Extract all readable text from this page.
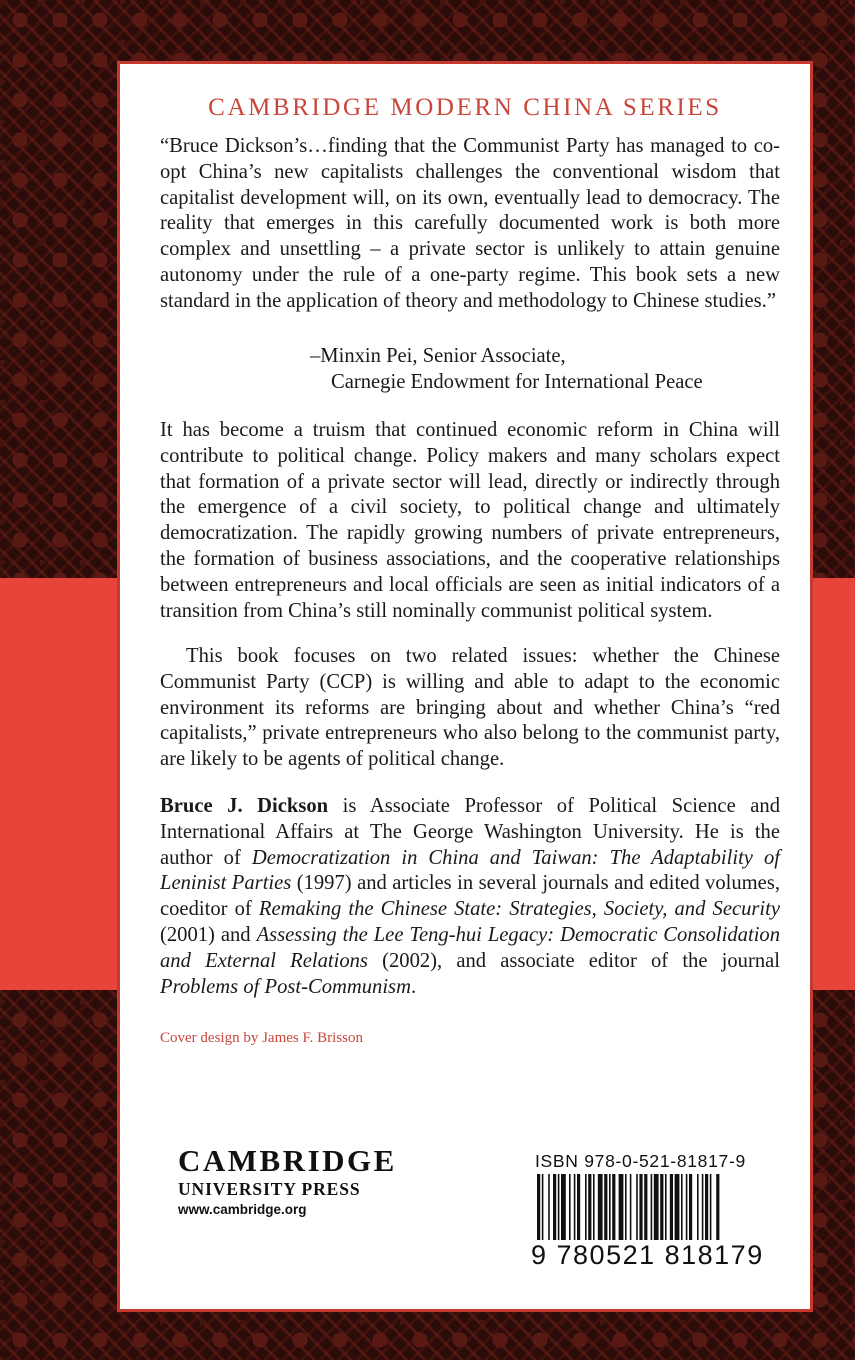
CAMBRIDGE MODERN CHINA SERIES

“Bruce Dickson’s…finding that the Communist Party has managed to co-opt China’s new capitalists challenges the conventional wisdom that capitalist development will, on its own, eventually lead to democracy. The reality that emerges in this carefully documented work is both more complex and unsettling – a private sector is unlikely to attain genuine autonomy under the rule of a one-party regime. This book sets a new standard in the application of theory and methodology to Chinese studies.”

–Minxin Pei, Senior Associate,

Carnegie Endowment for International Peace

It has become a truism that continued economic reform in China will contribute to political change. Policy makers and many scholars expect that formation of a private sector will lead, directly or indirectly through the emergence of a civil society, to political change and ultimately democratization. The rapidly growing numbers of private entrepreneurs, the formation of business associations, and the cooperative relationships between entrepreneurs and local officials are seen as initial indicators of a transition from China’s still nominally communist political system.

This book focuses on two related issues: whether the Chinese Communist Party (CCP) is willing and able to adapt to the economic environment its reforms are bringing about and whether China’s “red capitalists,” private entrepreneurs who also belong to the communist party, are likely to be agents of political change.

Bruce J. Dickson is Associate Professor of Political Science and International Affairs at The George Washington University. He is the author of Democratization in China and Taiwan: The Adaptability of Leninist Parties (1997) and articles in several journals and edited volumes, coeditor of Remaking the Chinese State: Strategies, Society, and Security (2001) and Assessing the Lee Teng-hui Legacy: Democratic Consolidation and External Relations (2002), and associate editor of the journal Problems of Post-Communism.

Cover design by James F. Brisson

CAMBRIDGE

UNIVERSITY PRESS

www.cambridge.org

ISBN 978-0-521-81817-9
9 780521 818179
